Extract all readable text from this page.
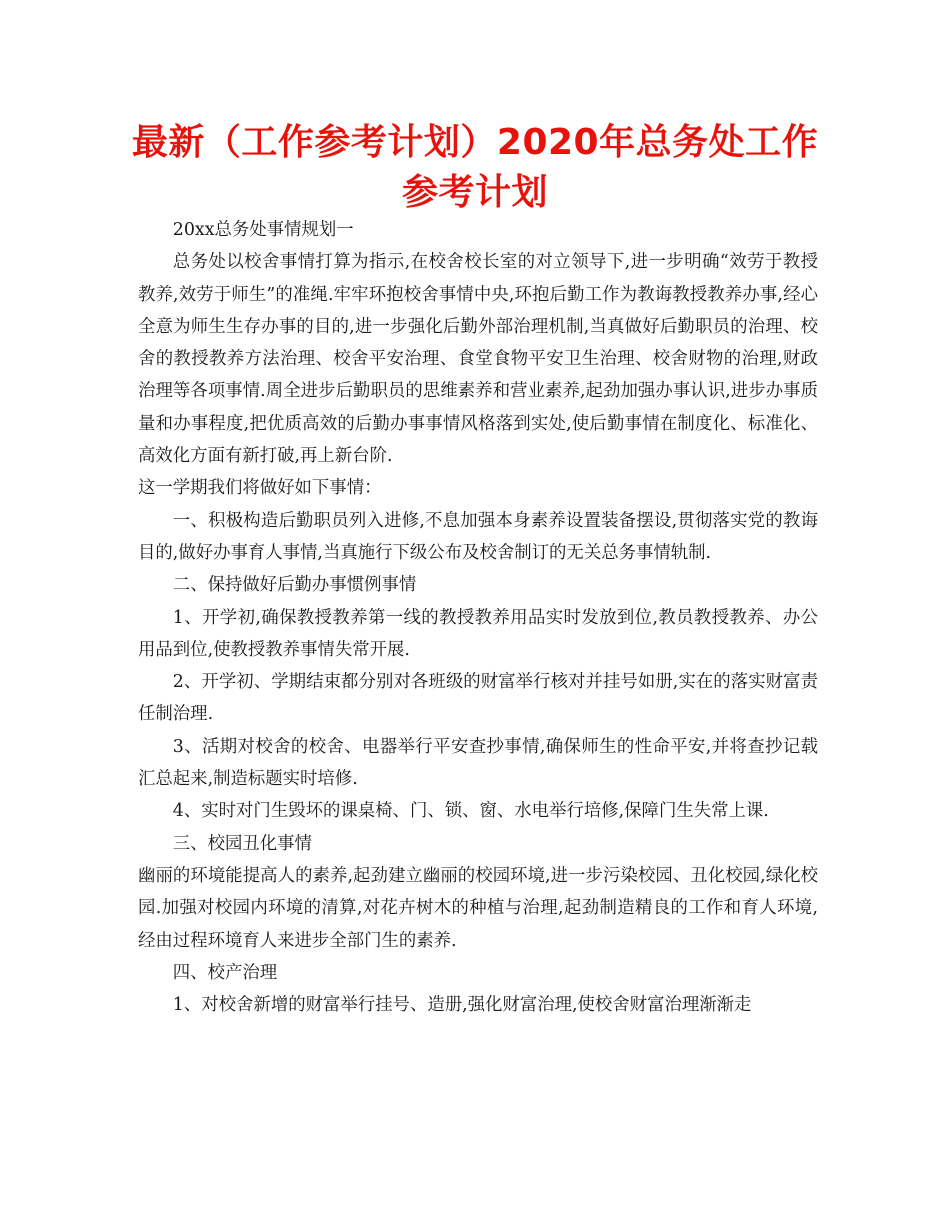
最新（工作参考计划）2020年总务处工作参考计划

20xx总务处事情规划一

总务处以校舍事情打算为指示,在校舍校长室的对立领导下,进一步明确“效劳于教授教养,效劳于师生”的准绳.牢牢环抱校舍事情中央,环抱后勤工作为教诲教授教养办事,经心全意为师生生存办事的目的,进一步强化后勤外部治理机制,当真做好后勤职员的治理、校舍的教授教养方法治理、校舍平安治理、食堂食物平安卫生治理、校舍财物的治理,财政治理等各项事情.周全进步后勤职员的思维素养和营业素养,起劲加强办事认识,进步办事质量和办事程度,把优质高效的后勤办事事情风格落到实处,使后勤事情在制度化、标准化、高效化方面有新打破,再上新台阶.

这一学期我们将做好如下事情：

一、积极构造后勤职员列入进修,不息加强本身素养设置装备摆设,贯彻落实党的教诲目的,做好办事育人事情,当真施行下级公布及校舍制订的无关总务事情轨制.

二、保持做好后勤办事惯例事情

1、开学初,确保教授教养第一线的教授教养用品实时发放到位,教员教授教养、办公用品到位,使教授教养事情失常开展.

2、开学初、学期结束都分别对各班级的财富举行核对并挂号如册,实在的落实财富责任制治理.

3、活期对校舍的校舍、电器举行平安查抄事情,确保师生的性命平安,并将查抄记载汇总起来,制造标题实时培修.

4、实时对门生毁坏的课桌椅、门、锁、窗、水电举行培修,保障门生失常上课.

三、校园丑化事情

幽丽的环境能提高人的素养,起劲建立幽丽的校园环境,进一步污染校园、丑化校园,绿化校园.加强对校园内环境的清算,对花卉树木的种植与治理,起劲制造精良的工作和育人环境,经由过程环境育人来进步全部门生的素养.

四、校产治理

1、对校舍新增的财富举行挂号、造册,强化财富治理,使校舍财富治理渐渐走
